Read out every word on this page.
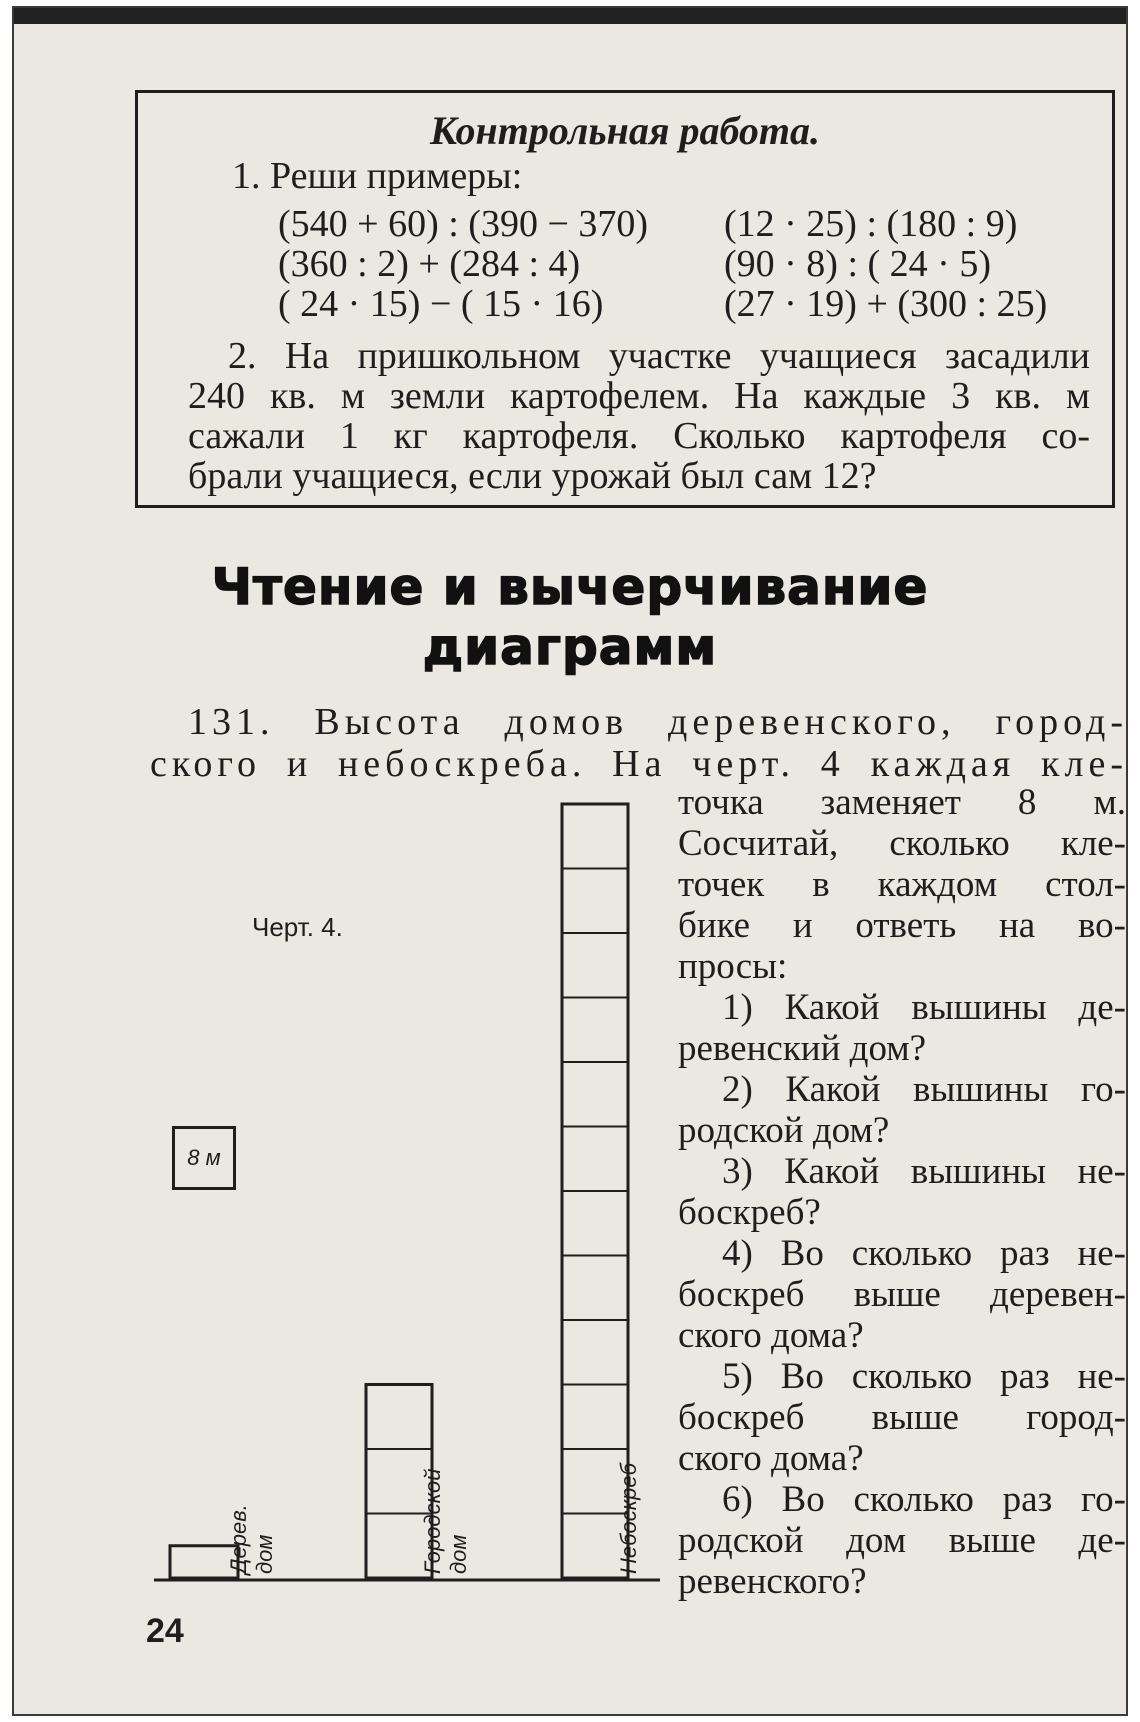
Контрольная работа.
1. Реши примеры:
(540 + 60) : (390 − 370)
(360 : 2) + (284 : 4)
( 24 · 15) − ( 15 · 16)
(12 · 25) : (180 : 9)
(90 · 8) : ( 24 · 5)
(27 · 19) + (300 : 25)
2. На пришкольном участке учащиеся засадили
240 кв. м земли картофелем. На каждые 3 кв. м
сажали 1 кг картофеля. Сколько картофеля со-
брали учащиеся, если урожай был сам 12?
Чтение и вычерчивание
диаграмм
131. Высота домов деревенского, город-
ского и небоскреба. На черт. 4 каждая кле-
точка заменяет 8 м.
Сосчитай, сколько кле-
точек в каждом стол-
бике и ответь на во-
просы:
1) Какой вышины де-
ревенский дом?
2) Какой вышины го-
родской дом?
3) Какой вышины не-
боскреб?
4) Во сколько раз не-
боскреб выше деревен-
ского дома?
5) Во сколько раз не-
боскреб выше город-
ского дома?
6) Во сколько раз го-
родской дом выше де-
ревенского?
Черт. 4.
8 м
Дерев. дом	Городской дом	Небоскреб
24
